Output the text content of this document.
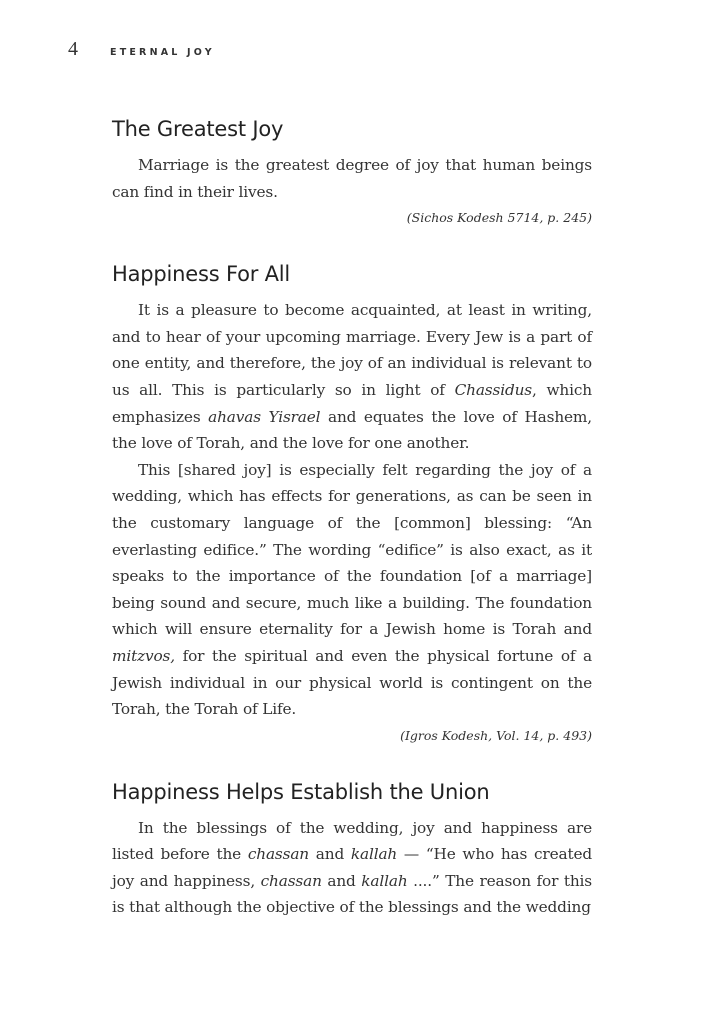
4	ETERNAL JOY
The Greatest Joy

Marriage is the greatest degree of joy that human beings can find in their lives.

(Sichos Kodesh 5714, p. 245)
Happiness For All

It is a pleasure to become acquainted, at least in writing, and to hear of your upcoming marriage. Every Jew is a part of one entity, and therefore, the joy of an individual is relevant to us all. This is particularly so in light of Chassidus, which emphasizes ahavas Yisrael and equates the love of Hashem, the love of Torah, and the love for one another.

This [shared joy] is especially felt regarding the joy of a wedding, which has effects for generations, as can be seen in the customary language of the [common] blessing: “An everlasting edifice.” The wording “edifice” is also exact, as it speaks to the importance of the foundation [of a marriage] being sound and secure, much like a building. The foundation which will ensure eternality for a Jewish home is Torah and mitzvos, for the spiritual and even the physical fortune of a Jewish individual in our physical world is contingent on the Torah, the Torah of Life.

(Igros Kodesh, Vol. 14, p. 493)
Happiness Helps Establish the Union

In the blessings of the wedding, joy and happiness are listed before the chassan and kallah — “He who has created joy and happiness, chassan and kallah ....” The reason for this is that although the objective of the blessings and the wedding
